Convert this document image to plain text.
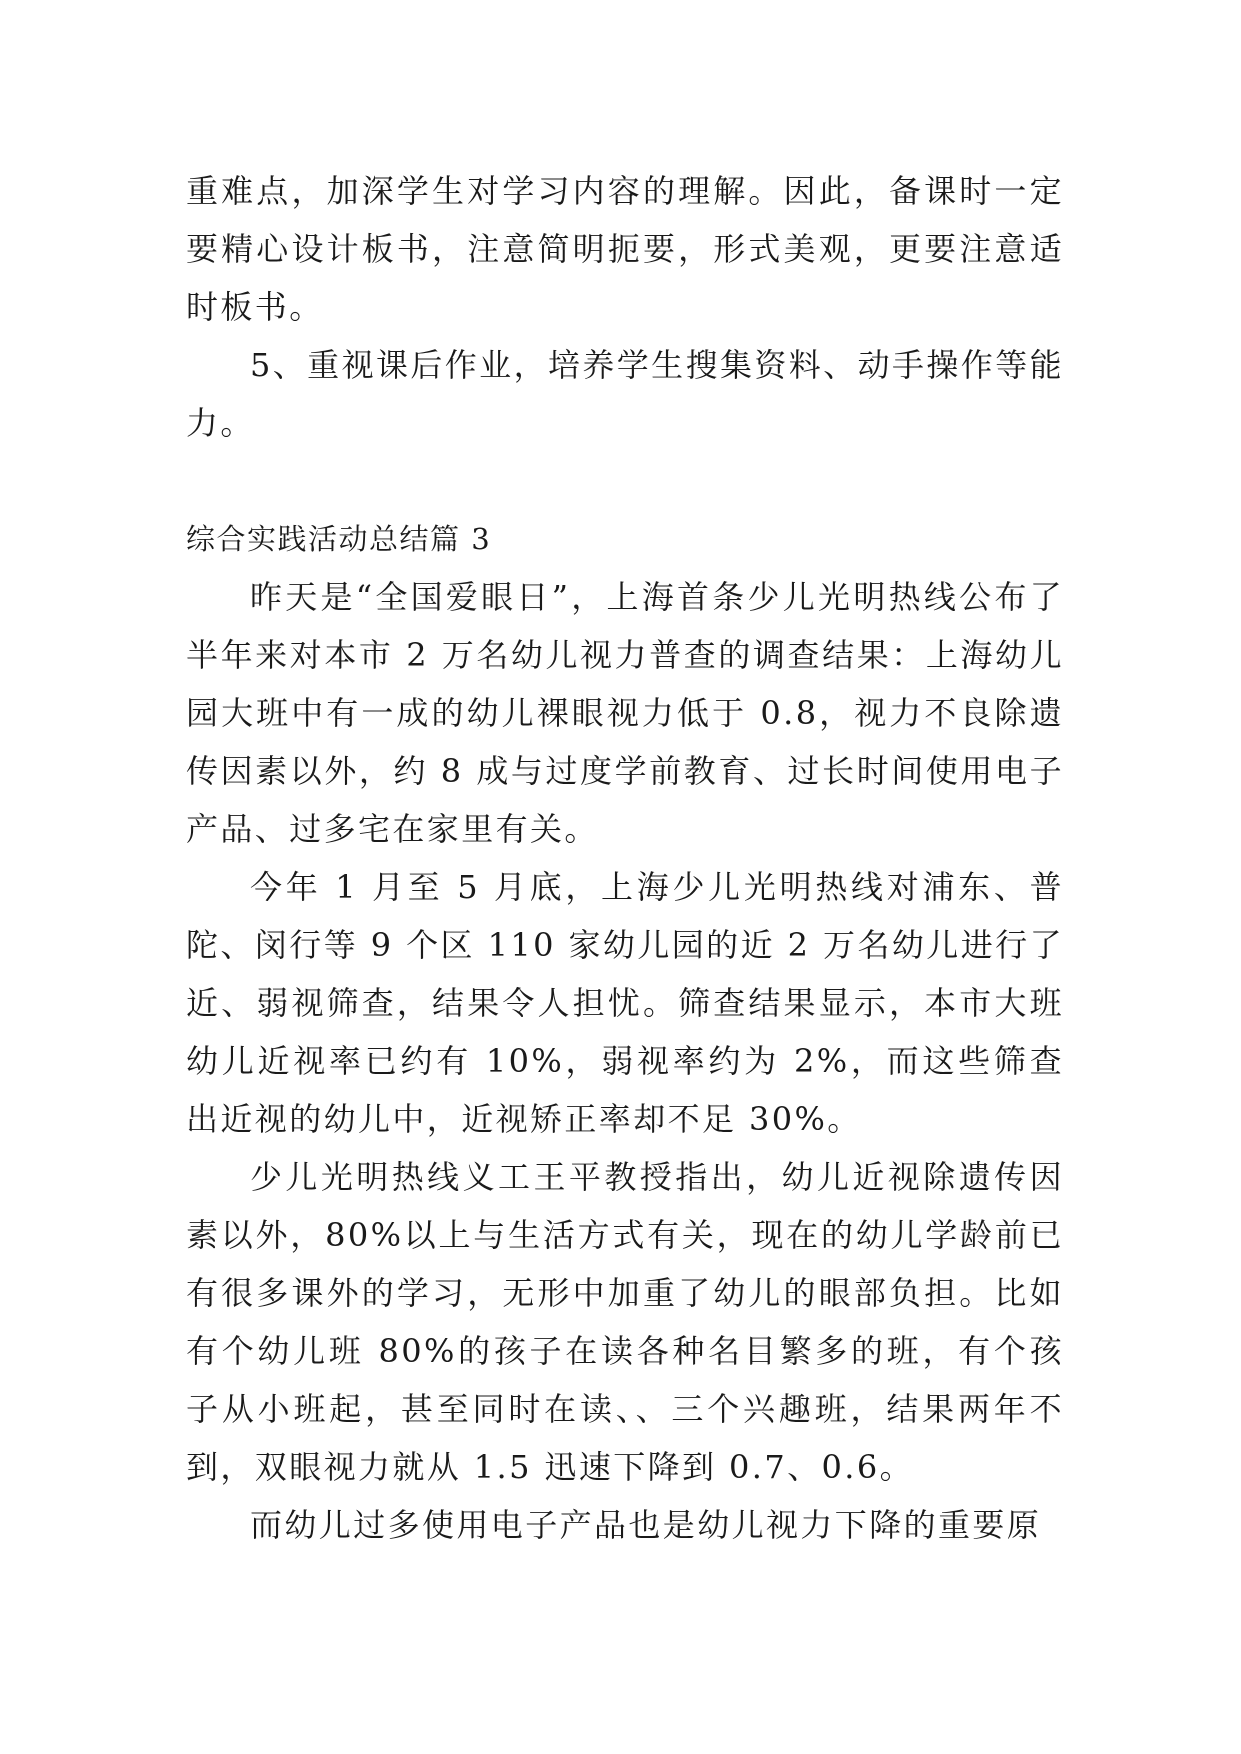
重难点，加深学生对学习内容的理解。因此，备课时一定要精心设计板书，注意简明扼要，形式美观，更要注意适时板书。

5、重视课后作业，培养学生搜集资料、动手操作等能力。

综合实践活动总结篇 3

昨天是“全国爱眼日”，上海首条少儿光明热线公布了半年来对本市 2 万名幼儿视力普查的调查结果：上海幼儿园大班中有一成的幼儿裸眼视力低于 0.8，视力不良除遗传因素以外，约 8 成与过度学前教育、过长时间使用电子产品、过多宅在家里有关。

今年 1 月至 5 月底，上海少儿光明热线对浦东、普陀、闵行等 9 个区 110 家幼儿园的近 2 万名幼儿进行了近、弱视筛查，结果令人担忧。筛查结果显示，本市大班幼儿近视率已约有 10%，弱视率约为 2%，而这些筛查出近视的幼儿中，近视矫正率却不足 30%。

少儿光明热线义工王平教授指出，幼儿近视除遗传因素以外，80%以上与生活方式有关，现在的幼儿学龄前已有很多课外的学习，无形中加重了幼儿的眼部负担。比如有个幼儿班 80%的孩子在读各种名目繁多的班，有个孩子从小班起，甚至同时在读、、三个兴趣班，结果两年不到，双眼视力就从 1.5 迅速下降到 0.7、0.6。

而幼儿过多使用电子产品也是幼儿视力下降的重要原
